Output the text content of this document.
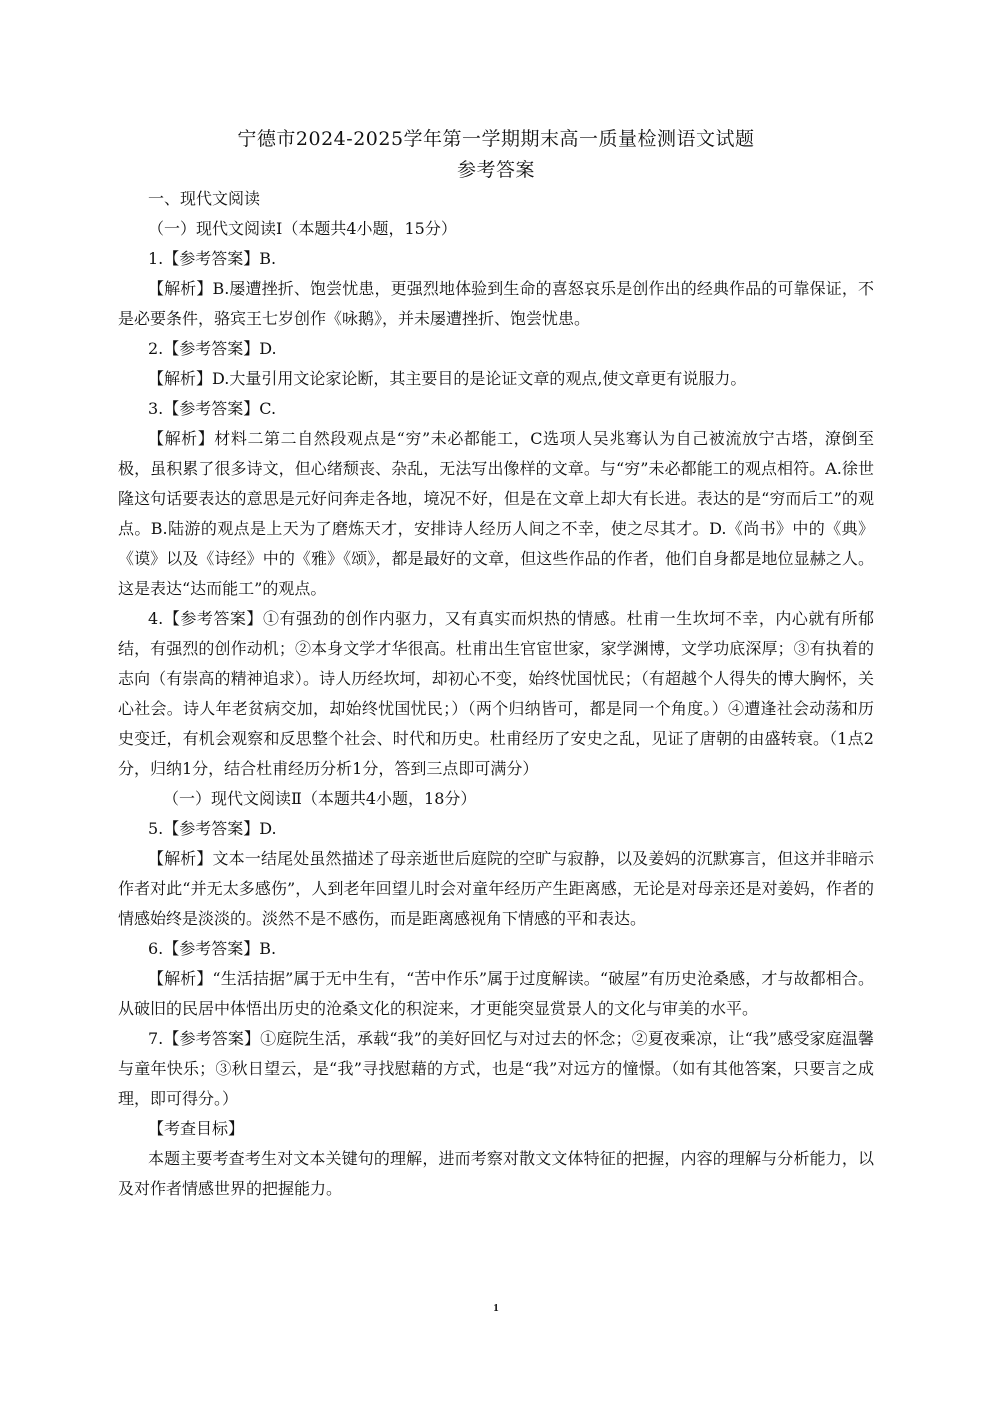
宁德市2024-2025学年第一学期期末高一质量检测语文试题
参考答案

一、现代文阅读

（一）现代文阅读Ⅰ（本题共4小题，15分）

1.【参考答案】B.

【解析】B.屡遭挫折、饱尝忧患，更强烈地体验到生命的喜怒哀乐是创作出的经典作品的可靠保证，不是必要条件，骆宾王七岁创作《咏鹅》，并未屡遭挫折、饱尝忧患。

2.【参考答案】D.

【解析】D.大量引用文论家论断，其主要目的是论证文章的观点,使文章更有说服力。

3.【参考答案】C.

【解析】材料二第二自然段观点是“穷”未必都能工，C选项人吴兆骞认为自己被流放宁古塔，潦倒至极，虽积累了很多诗文，但心绪颓丧、杂乱，无法写出像样的文章。与“穷”未必都能工的观点相符。A.徐世隆这句话要表达的意思是元好问奔走各地，境况不好，但是在文章上却大有长进。表达的是“穷而后工”的观点。B.陆游的观点是上天为了磨炼天才，安排诗人经历人间之不幸，使之尽其才。D.《尚书》中的《典》《谟》以及《诗经》中的《雅》《颂》，都是最好的文章，但这些作品的作者，他们自身都是地位显赫之人。这是表达“达而能工”的观点。

4.【参考答案】①有强劲的创作内驱力，又有真实而炽热的情感。杜甫一生坎坷不幸，内心就有所郁结，有强烈的创作动机；②本身文学才华很高。杜甫出生官宦世家，家学渊博，文学功底深厚；③有执着的志向（有崇高的精神追求）。诗人历经坎坷，却初心不变，始终忧国忧民；（有超越个人得失的博大胸怀，关心社会。诗人年老贫病交加，却始终忧国忧民；）（两个归纳皆可，都是同一个角度。）④遭逢社会动荡和历史变迁，有机会观察和反思整个社会、时代和历史。杜甫经历了安史之乱，见证了唐朝的由盛转衰。（1点2分，归纳1分，结合杜甫经历分析1分，答到三点即可满分）

（一）现代文阅读Ⅱ（本题共4小题，18分）

5.【参考答案】D.

【解析】文本一结尾处虽然描述了母亲逝世后庭院的空旷与寂静，以及姜妈的沉默寡言，但这并非暗示作者对此“并无太多感伤”，人到老年回望儿时会对童年经历产生距离感，无论是对母亲还是对姜妈，作者的情感始终是淡淡的。淡然不是不感伤，而是距离感视角下情感的平和表达。

6.【参考答案】B.

【解析】“生活拮据”属于无中生有，“苦中作乐”属于过度解读。“破屋”有历史沧桑感，才与故都相合。从破旧的民居中体悟出历史的沧桑文化的积淀来，才更能突显赏景人的文化与审美的水平。

7.【参考答案】①庭院生活，承载“我”的美好回忆与对过去的怀念；②夏夜乘凉，让“我”感受家庭温馨与童年快乐；③秋日望云，是“我”寻找慰藉的方式，也是“我”对远方的憧憬。（如有其他答案，只要言之成理，即可得分。）

【考查目标】

本题主要考查考生对文本关键句的理解，进而考察对散文文体特征的把握，内容的理解与分析能力，以及对作者情感世界的把握能力。

1
